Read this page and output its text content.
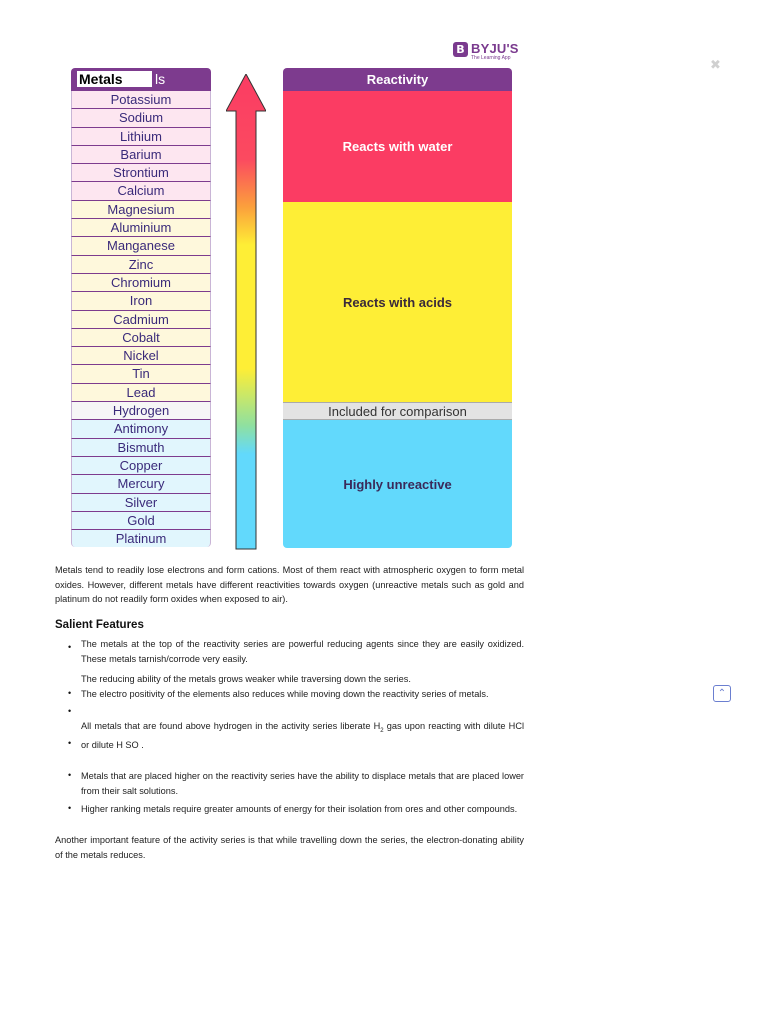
B BYJU'S
The Learning App	✖
Metals	ls
Potassium
Sodium
Lithium
Barium
Strontium
Calcium
Magnesium
Aluminium
Manganese
Zinc
Chromium
Iron
Cadmium
Cobalt
Nickel
Tin
Lead
Hydrogen
Antimony
Bismuth
Copper
Mercury
Silver
Gold
Platinum
Reactivity
Reacts with water
Reacts with acids
Included for comparison
Highly unreactive
Metals tend to readily lose electrons and form cations. Most of them react with atmospheric oxygen to form metal oxides. However, different metals have different reactivities towards oxygen (unreactive metals such as gold and platinum do not readily form oxides when exposed to air).
Salient Features
• The metals at the top of the reactivity series are powerful reducing agents since they are easily oxidized. These metals tarnish/corrode very easily.
The reducing ability of the metals grows weaker while traversing down the series.
•
•
The electro positivity of the elements also reduces while moving down the reactivity series of metals.
•
All metals that are found above hydrogen in the activity series liberate $H_2$ gas upon reacting with dilute HCl or dilute H SO .
• Metals that are placed higher on the reactivity series have the ability to displace metals that are placed lower from their salt solutions.
• Higher ranking metals require greater amounts of energy for their isolation from ores and other compounds.
Another important feature of the activity series is that while travelling down the series, the electron-donating ability of the metals reduces.
⌃
